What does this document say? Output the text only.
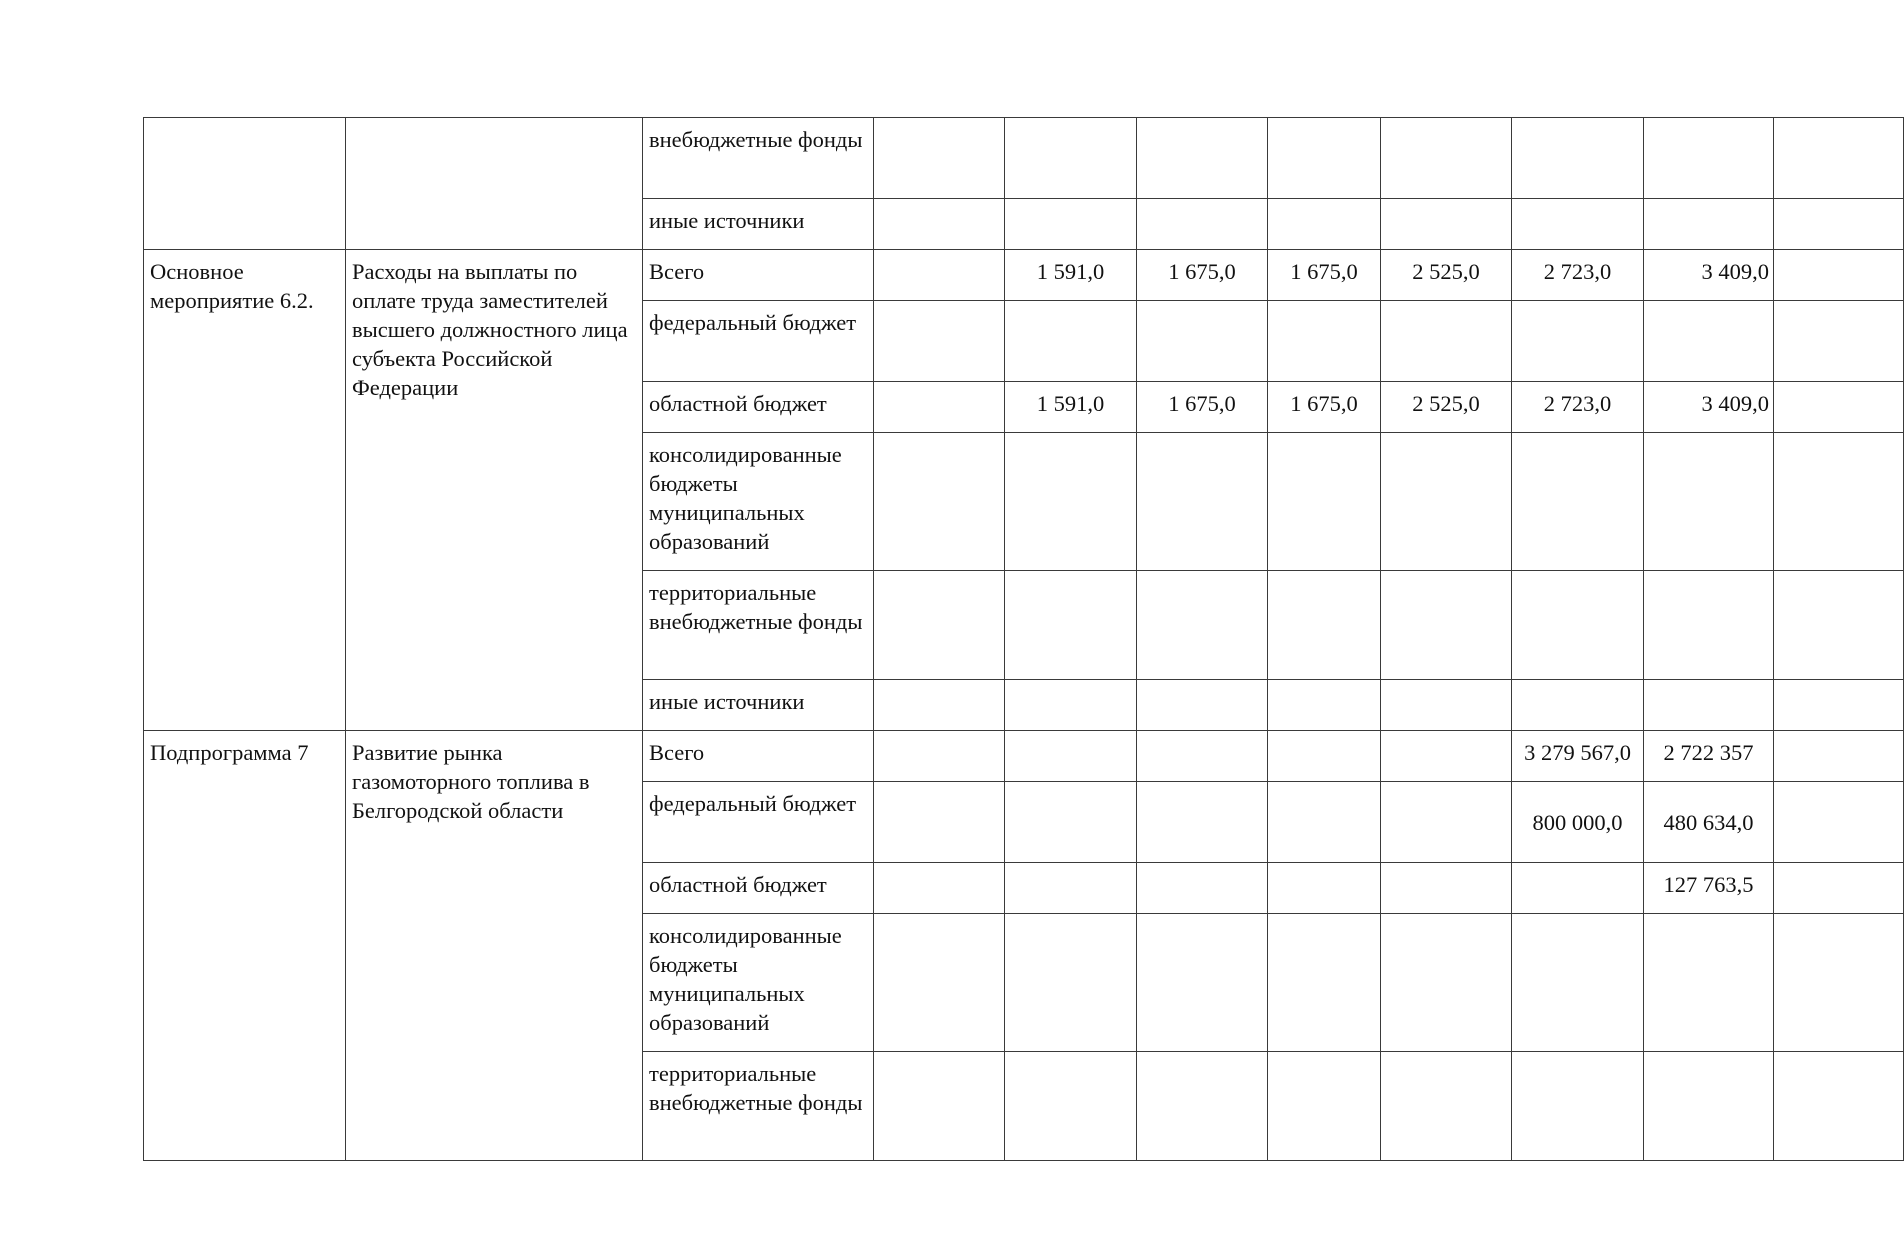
		внебюджетные фонды								
		иные источники								
Основное мероприятие 6.2.	Расходы на выплаты по оплате труда заместителей высшего должностного лица субъекта Российской Федерации	Всего		1 591,0	1 675,0	1 675,0	2 525,0	2 723,0	3 409,0	
		федеральный бюджет								
		областной бюджет		1 591,0	1 675,0	1 675,0	2 525,0	2 723,0	3 409,0	
		консолидированные бюджеты муниципальных образований								
		территориальные внебюджетные фонды								
		иные источники								
Подпрограмма 7	Развитие рынка газомоторного топлива в Белгородской области	Всего						3 279 567,0	2 722 357	
		федеральный бюджет						800 000,0	480 634,0	
		областной бюджет							127 763,5	
		консолидированные бюджеты муниципальных образований								
		территориальные внебюджетные фонды								
